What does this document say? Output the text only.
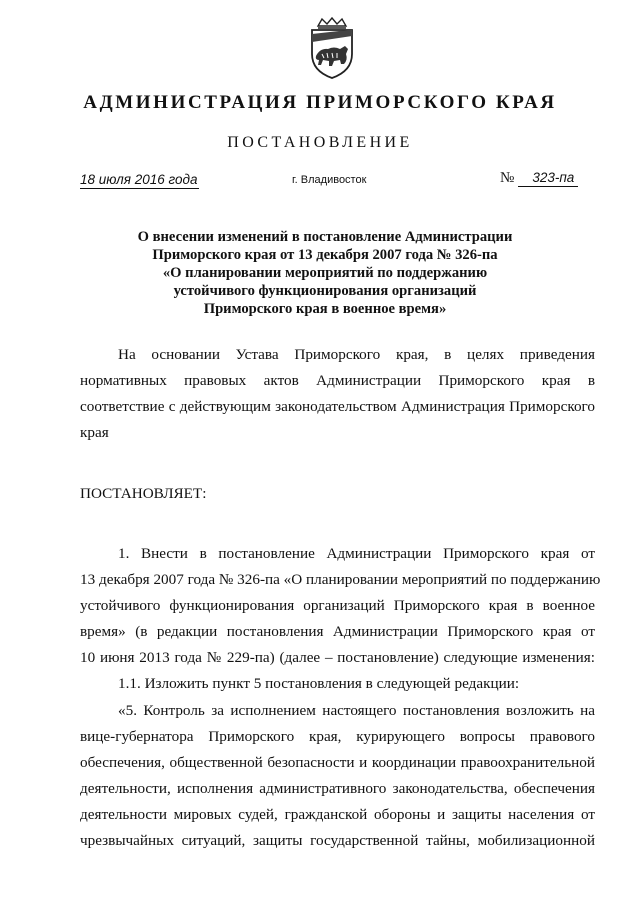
АДМИНИСТРАЦИЯ ПРИМОРСКОГО КРАЯ
ПОСТАНОВЛЕНИЕ
18 июля 2016 года	г. Владивосток	№ 323-па
О внесении изменений в постановление Администрации
Приморского края от 13 декабря 2007 года № 326-па
«О планировании мероприятий по поддержанию
устойчивого функционирования организаций
Приморского края в военное время»
На основании Устава Приморского края, в целях приведения
нормативных правовых актов Администрации Приморского края в
соответствие с действующим законодательством Администрация Приморского
края
ПОСТАНОВЛЯЕТ:
1. Внести в постановление Администрации Приморского края от
13 декабря 2007 года № 326-па «О планировании мероприятий по поддержанию
устойчивого функционирования организаций Приморского края в военное
время» (в редакции постановления Администрации Приморского края от
10 июня 2013 года № 229-па) (далее – постановление) следующие изменения:
1.1. Изложить пункт 5 постановления в следующей редакции:
«5. Контроль за исполнением настоящего постановления возложить на
вице-губернатора Приморского края, курирующего вопросы правового
обеспечения, общественной безопасности и координации правоохранительной
деятельности, исполнения административного законодательства, обеспечения
деятельности мировых судей, гражданской обороны и защиты населения от
чрезвычайных ситуаций, защиты государственной тайны, мобилизационной
